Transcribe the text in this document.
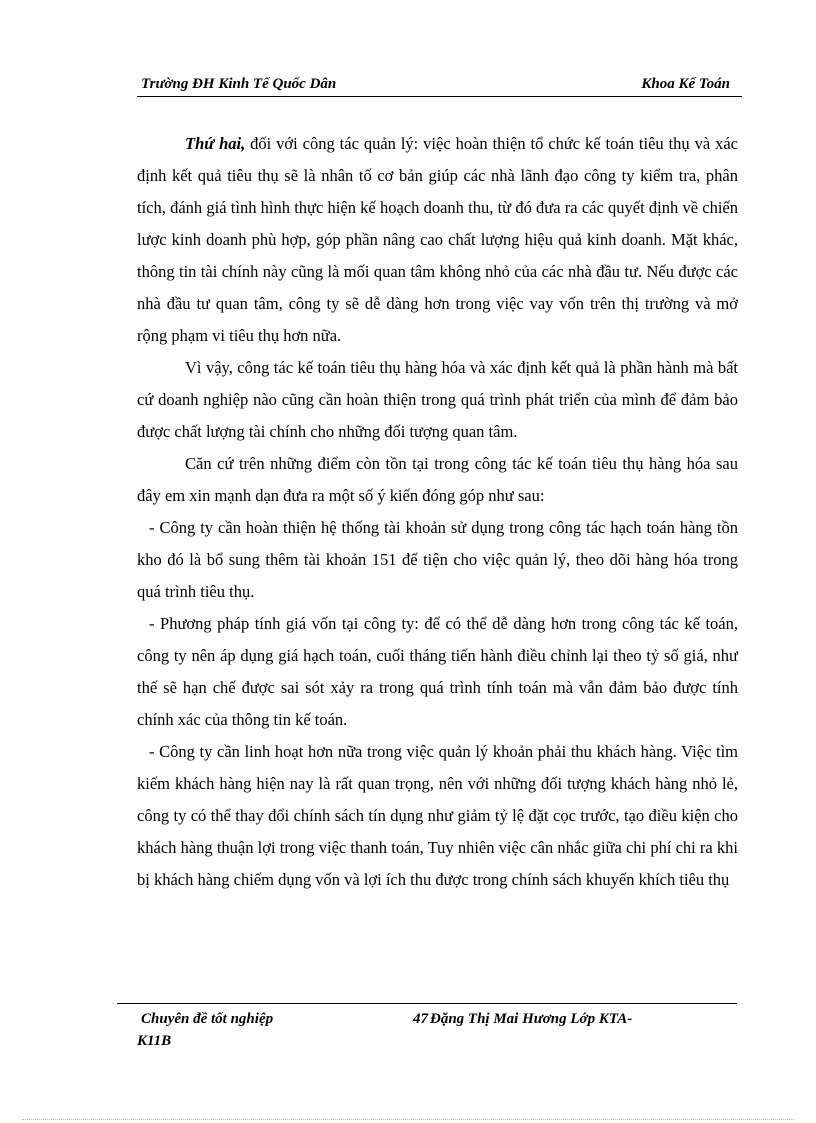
Trường ĐH Kinh Tế Quốc Dân	Khoa Kế Toán

Thứ hai, đối với công tác quản lý: việc hoàn thiện tổ chức kế toán tiêu thụ và xác định kết quả tiêu thụ sẽ là nhân tố cơ bản giúp các nhà lãnh đạo công ty kiểm tra, phân tích, đánh giá tình hình thực hiện kế hoạch doanh thu, từ đó đưa ra các quyết định về chiến lược kinh doanh phù hợp, góp phần nâng cao chất lượng hiệu quả kinh doanh. Mặt khác, thông tin tài chính này cũng là mối quan tâm không nhỏ của các nhà đầu tư. Nếu được các nhà đầu tư quan tâm, công ty sẽ dễ dàng hơn trong việc vay vốn trên thị trường và mở rộng phạm vi tiêu thụ hơn nữa.

Vì vậy, công tác kế toán tiêu thụ hàng hóa và xác định kết quả là phần hành mà bất cứ doanh nghiệp nào cũng cần hoàn thiện trong quá trình phát triển của mình để đảm bảo được chất lượng tài chính cho những đối tượng quan tâm.

Căn cứ trên những điểm còn tồn tại trong công tác kế toán tiêu thụ hàng hóa sau đây em xin mạnh dạn đưa ra một số ý kiến đóng góp như sau:

- Công ty cần hoàn thiện hệ thống tài khoản sử dụng trong công tác hạch toán hàng tồn kho đó là bổ sung thêm tài khoản 151 để tiện cho việc quản lý, theo dõi hàng hóa trong quá trình tiêu thụ.

- Phương pháp tính giá vốn tại công ty: để có thể dễ dàng hơn trong công tác kế toán, công ty nên áp dụng giá hạch toán, cuối tháng tiến hành điều chỉnh lại theo tỷ số giá, như thế sẽ hạn chế được sai sót xảy ra trong quá trình tính toán mà vẫn đảm bảo được tính chính xác của thông tin kế toán.

- Công ty cần linh hoạt hơn nữa trong việc quản lý khoản phải thu khách hàng. Việc tìm kiếm khách hàng hiện nay là rất quan trọng, nên với những đối tượng khách hàng nhỏ lẻ, công ty có thể thay đổi chính sách tín dụng như giảm tỷ lệ đặt cọc trước, tạo điều kiện cho khách hàng thuận lợi trong việc thanh toán, Tuy nhiên việc cân nhắc giữa chi phí chi ra khi bị khách hàng chiếm dụng vốn và lợi ích thu được trong chính sách khuyến khích tiêu thụ

Chuyên đề tốt nghiệp	47 Đặng Thị Mai Hương Lớp KTA-
K11B
